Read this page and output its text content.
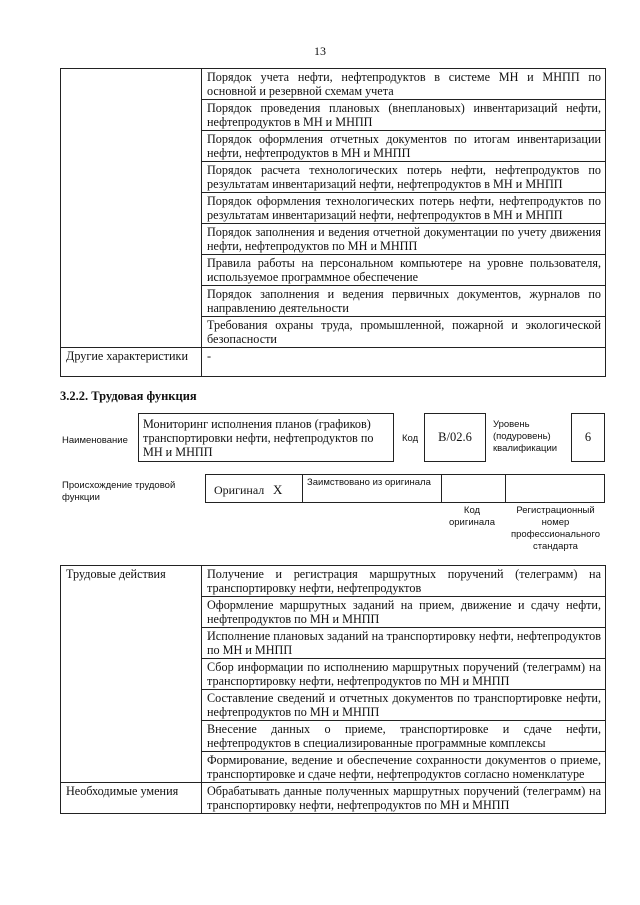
13
	Порядок учета нефти, нефтепродуктов в системе МН и МНПП по основной и резервной схемам учета
	Порядок проведения плановых (внеплановых) инвентаризаций нефти, нефтепродуктов в МН и МНПП
	Порядок оформления отчетных документов по итогам инвентаризации нефти, нефтепродуктов в МН и МНПП
	Порядок расчета технологических потерь нефти, нефтепродуктов по результатам инвентаризаций нефти, нефтепродуктов в МН и МНПП
	Порядок оформления технологических потерь нефти, нефтепродуктов по результатам инвентаризаций нефти, нефтепродуктов в МН и МНПП
	Порядок заполнения и ведения отчетной документации по учету движения нефти, нефтепродуктов по МН и МНПП
	Правила работы на персональном компьютере на уровне пользователя, используемое программное обеспечение
	Порядок заполнения и ведения первичных документов, журналов по направлению деятельности
	Требования охраны труда, промышленной, пожарной и экологической безопасности
Другие характеристики	-
3.2.2. Трудовая функция
Наименование
Мониторинг исполнения планов (графиков) транспортировки нефти, нефтепродуктов по МН и МНПП
Код В/02.6
Уровень (подуровень) квалификации
6
Происхождение трудовой функции
Оригинал X	Заимствовано из оригинала
Код оригинала
Регистрационный номер профессионального стандарта
Трудовые действия	Получение и регистрация маршрутных поручений (телеграмм) на транспортировку нефти, нефтепродуктов
	Оформление маршрутных заданий на прием, движение и сдачу нефти, нефтепродуктов по МН и МНПП
	Исполнение плановых заданий на транспортировку нефти, нефтепродуктов по МН и МНПП
	Сбор информации по исполнению маршрутных поручений (телеграмм) на транспортировку нефти, нефтепродуктов по МН и МНПП
	Составление сведений и отчетных документов по транспортировке нефти, нефтепродуктов по МН и МНПП
	Внесение данных о приеме, транспортировке и сдаче нефти, нефтепродуктов в специализированные программные комплексы
	Формирование, ведение и обеспечение сохранности документов о приеме, транспортировке и сдаче нефти, нефтепродуктов согласно номенклатуре
Необходимые умения	Обрабатывать данные полученных маршрутных поручений (телеграмм) на транспортировку нефти, нефтепродуктов по МН и МНПП
